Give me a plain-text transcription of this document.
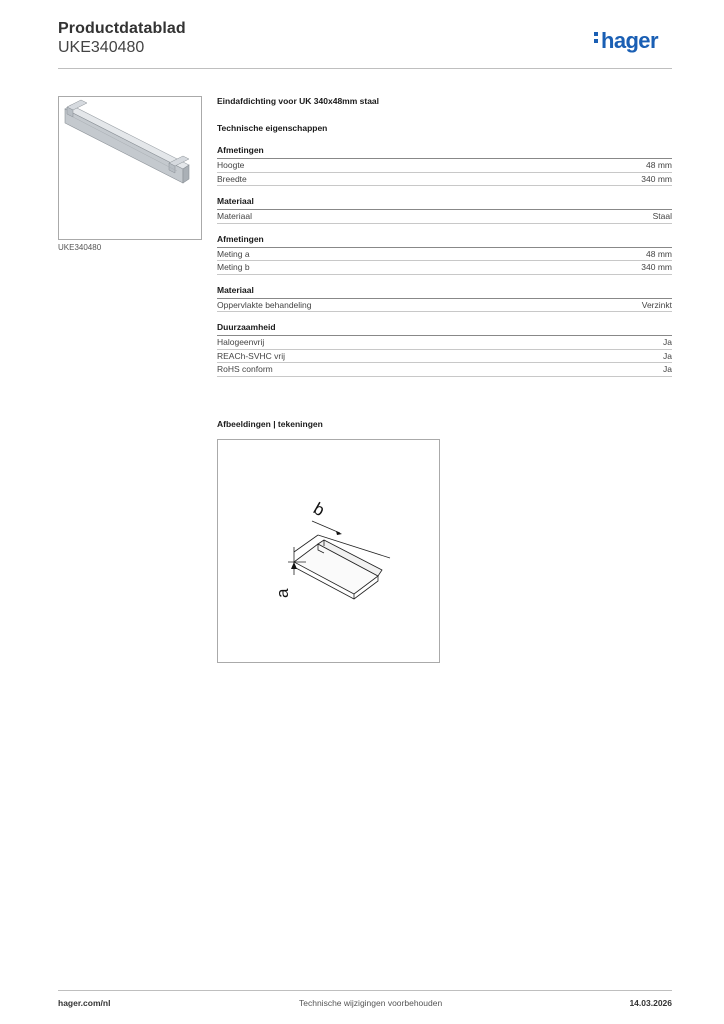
Productdatablad
UKE340480	hager
UKE340480
Eindafdichting voor UK 340x48mm staal
Technische eigenschappen
Afmetingen
Hoogte	48 mm
Breedte	340 mm
Materiaal
Materiaal	Staal
Afmetingen
Meting a	48 mm
Meting b	340 mm
Materiaal
Oppervlakte behandeling	Verzinkt
Duurzaamheid
Halogeenvrij	Ja
REACh-SVHC vrij	Ja
RoHS conform	Ja
Afbeeldingen | tekeningen
b
a
hager.com/nl	Technische wijzigingen voorbehouden	14.03.2026
